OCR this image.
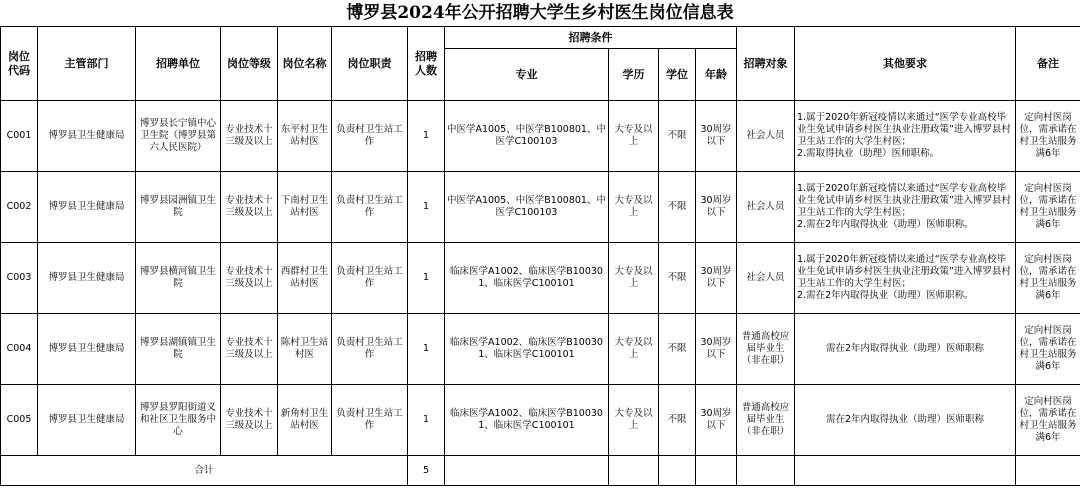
博罗县2024年公开招聘大学生乡村医生岗位信息表
岗位代码	主管部门	招聘单位	岗位等级	岗位名称	岗位职责	招聘人数	招聘条件				招聘对象	其他要求	备注
							专业	学历	学位	年龄			
C001	博罗县卫生健康局	博罗县长宁镇中心卫生院（博罗县第六人民医院）	专业技术十三级及以上	东平村卫生站村医	负责村卫生站工作	1	中医学A1005、中医学B100801、中医学C100103	大专及以上	不限	30周岁以下	社会人员	1.属于2020年新冠疫情以来通过“医学专业高校毕业生免试申请乡村医生执业注册政策”进入博罗县村卫生站工作的大学生村医；
2.需取得执业（助理）医师职称。	定向村医岗位，需承诺在村卫生站服务满6年
C002	博罗县卫生健康局	博罗县园洲镇卫生院	专业技术十三级及以上	下南村卫生站村医	负责村卫生站工作	1	中医学A1005、中医学B100801、中医学C100103	大专及以上	不限	30周岁以下	社会人员	1.属于2020年新冠疫情以来通过“医学专业高校毕业生免试申请乡村医生执业注册政策”进入博罗县村卫生站工作的大学生村医；
2.需在2年内取得执业（助理）医师职称。	定向村医岗位，需承诺在村卫生站服务满6年
C003	博罗县卫生健康局	博罗县横河镇卫生院	专业技术十三级及以上	西群村卫生站村医	负责村卫生站工作	1	临床医学A1002、临床医学B100301、临床医学C100101	大专及以上	不限	30周岁以下	社会人员	1.属于2020年新冠疫情以来通过“医学专业高校毕业生免试申请乡村医生执业注册政策”进入博罗县村卫生站工作的大学生村医；
2.需在2年内取得执业（助理）医师职称。	定向村医岗位，需承诺在村卫生站服务满6年
C004	博罗县卫生健康局	博罗县湖镇镇卫生院	专业技术十三级及以上	陈村卫生站村医	负责村卫生站工作	1	临床医学A1002、临床医学B100301、临床医学C100101	大专及以上	不限	30周岁以下	普通高校应届毕业生（非在职）	需在2年内取得执业（助理）医师职称	定向村医岗位，需承诺在村卫生站服务满6年
C005	博罗县卫生健康局	博罗县罗阳街道义和社区卫生服务中心	专业技术十三级及以上	新角村卫生站村医	负责村卫生站工作	1	临床医学A1002、临床医学B100301、临床医学C100101	大专及以上	不限	30周岁以下	普通高校应届毕业生（非在职）	需在2年内取得执业（助理）医师职称	定向村医岗位，需承诺在村卫生站服务满6年
合计						5							
